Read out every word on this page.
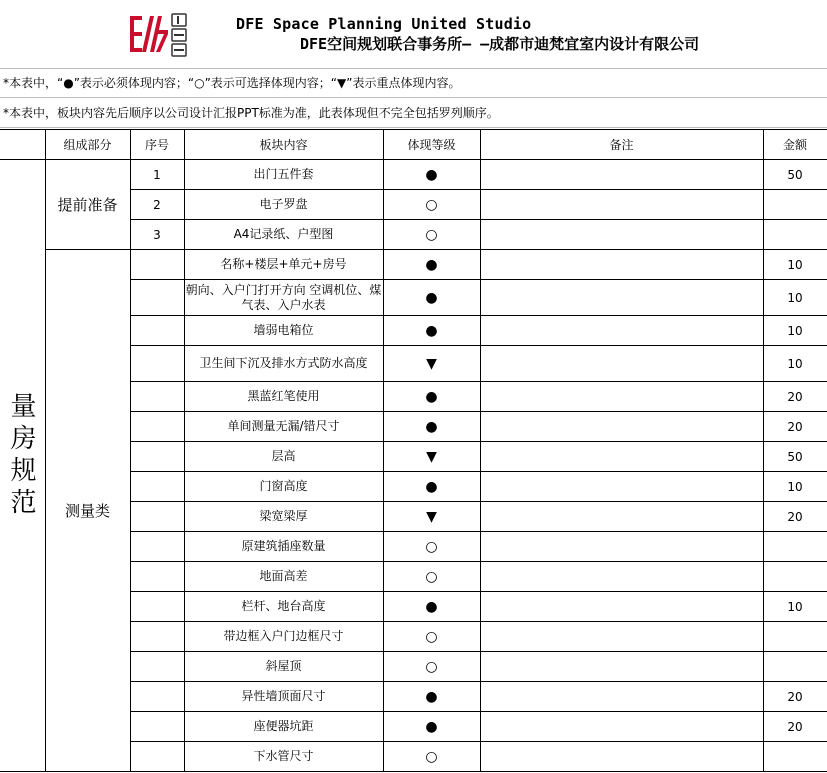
DFE Space Planning United Studio
DFE空间规划联合事务所— —成都市迪梵宜室内设计有限公司
*本表中，“●”表示必须体现内容；“○”表示可选择体现内容；“▼”表示重点体现内容。
*本表中，板块内容先后顺序以公司设计汇报PPT标准为准，此表体现但不完全包括罗列顺序。
	组成部分	序号	板块内容	体现等级	备注	金额
量房规范	提前准备	1	出门五件套	●		50
		2	电子罗盘	○		
		3	A4记录纸、户型图	○		
	测量类		名称+楼层+单元+房号	●		10
			朝向、入户门打开方向 空调机位、煤气表、入户水表	●		10
			墙弱电箱位	●		10
			卫生间下沉及排水方式防水高度	▼		10
			黑蓝红笔使用	●		20
			单间测量无漏/错尺寸	●		20
			层高	▼		50
			门窗高度	●		10
			梁宽梁厚	▼		20
			原建筑插座数量	○		
			地面高差	○		
			栏杆、地台高度	●		10
			带边框入户门边框尺寸	○		
			斜屋顶	○		
			异性墙顶面尺寸	●		20
			座便器坑距	●		20
			下水管尺寸	○		
